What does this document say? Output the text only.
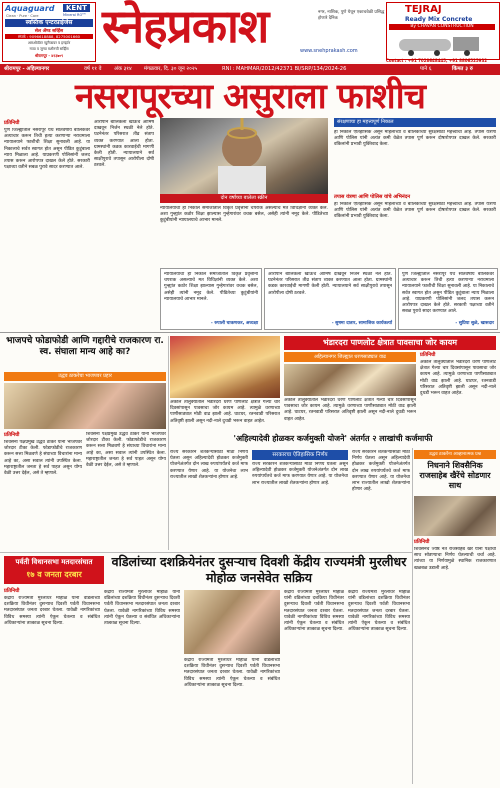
Aquaguard
Clean · Pure · Care
KENT
Mineral ROᵀᴹ
स्वस्तिक एन्टरप्राईजेस
सेल ॲण्ड सर्व्हिस
संपर्क : 9096618888, 8275001660
आरओवॉटर प्युरीफायर व इन्व्हर्टर
नव्या व जुन्या मशीनची सर्व्हिस
श्रीरामपूर - ४१३७०९
स्नेहप्रकाश	नगर, नाशिक, पुणे येथून एकाचवेळी प्रसिद्ध होणारे दैनिक
www.snehprakash.com
TEJRAJ
Ready Mix Concrete
By CHAVAN CONSTRUCTION
Contact : +91 7028648445, +91 8806525932
श्रीरामपूर - अहिल्यानगर	वर्ष ११ वे अंक ३१४ मंगळवार, दि. ३० जून २०२५	RNI : MAHMAR/2012/42371 BI/SRP/134/2024-26	पाने ६	किंमत ३ रु
नसरापूरच्या असुराला फाशीच
प्रतिनिधी
पुणे जिल्ह्यातील नसरापूर येथे सातवर्षीय बालिकेवर अत्याचार करून तिची हत्या करणाऱ्या नराधमाला न्यायालयाने फाशीची शिक्षा सुनावली आहे. या निकालाचे सर्वत्र स्वागत होत असून पीडित कुटुंबाला न्याय मिळाला आहे. याप्रकरणी पोलिसांनी जलद तपास करून आरोपपत्र दाखल केले होते. सरकारी पक्षाच्या वतीने सबळ पुरावे सादर करण्यात आले.
आरोपीने बालिकेला खाऊचे आमिष दाखवून निर्जन स्थळी नेले होते. घटनेनंतर परिसरात तीव्र संताप व्यक्त करण्यात आला होता. ग्रामस्थांनी कडक कारवाईची मागणी केली होती. न्यायालयाने सर्व साक्षीपुरावे तपासून आरोपीला दोषी ठरवले.
दोन वर्षांच्या बालेला स्क्रीन
न्यायालयाचा हा निकाल समाजातील विकृत प्रवृत्तींना चपराक असल्याचे मत विधिज्ञांनी व्यक्त केले. अशा गुन्ह्यांत कठोर शिक्षा झाल्यास गुन्हेगारांवर वचक बसेल, असेही त्यांनी नमूद केले. पीडितेच्या कुटुंबीयांनी न्यायालयाचे आभार मानले.
संरक्षणाचा हा महत्त्वपूर्ण निकाल
हा निकाल ऐतिहासिक असून महिलांच्या व बालिकांच्या सुरक्षेसाठी महत्त्वाचा आहे. तपास यंत्रणा आणि पोलिस यांनी अत्यंत कमी वेळेत तपास पूर्ण करून दोषारोपपत्र दाखल केले. सरकारी वकिलांनी प्रभावी युक्तिवाद केला.
तपास यंत्रणा आणि पोलिस यांचे अभिनंदन
हा निकाल ऐतिहासिक असून महिलांच्या व बालिकांच्या सुरक्षेसाठी महत्त्वाचा आहे. तपास यंत्रणा आणि पोलिस यांनी अत्यंत कमी वेळेत तपास पूर्ण करून दोषारोपपत्र दाखल केले. सरकारी वकिलांनी प्रभावी युक्तिवाद केला.
न्यायालयाचा हा निकाल समाजातील विकृत प्रवृत्तींना चपराक असल्याचे मत विधिज्ञांनी व्यक्त केले. अशा गुन्ह्यांत कठोर शिक्षा झाल्यास गुन्हेगारांवर वचक बसेल, असेही त्यांनी नमूद केले. पीडितेच्या कुटुंबीयांनी न्यायालयाचे आभार मानले.
- रुपाली चाकणकर, अध्यक्षा
आरोपीने बालिकेला खाऊचे आमिष दाखवून निर्जन स्थळी नेले होते. घटनेनंतर परिसरात तीव्र संताप व्यक्त करण्यात आला होता. ग्रामस्थांनी कडक कारवाईची मागणी केली होती. न्यायालयाने सर्व साक्षीपुरावे तपासून आरोपीला दोषी ठरवले.
- सुषमा दातार, सामाजिक कार्यकर्त्या
पुणे जिल्ह्यातील नसरापूर येथे सातवर्षीय बालिकेवर अत्याचार करून तिची हत्या करणाऱ्या नराधमाला न्यायालयाने फाशीची शिक्षा सुनावली आहे. या निकालाचे सर्वत्र स्वागत होत असून पीडित कुटुंबाला न्याय मिळाला आहे. याप्रकरणी पोलिसांनी जलद तपास करून आरोपपत्र दाखल केले होते. सरकारी पक्षाच्या वतीने सबळ पुरावे सादर करण्यात आले.
- सुप्रिया सुळे, खासदार
भाजपचे फोडाफोडी आणि गद्दारीचे राजकारण रा. स्व. संघाला मान्य आहे का?
उद्धव ठाकरेंचा भाजपवर प्रहार
प्रतिनिधी
शिवसेना पक्षप्रमुख उद्धव ठाकरे यांनी भाजपवर जोरदार टीका केली. फोडाफोडीचे राजकारण करून सत्ता मिळवणे हे संघाच्या विचारांना मान्य आहे का, असा सवाल त्यांनी उपस्थित केला. महाराष्ट्रातील जनता हे सर्व पाहत असून योग्य वेळी उत्तर देईल, असे ते म्हणाले.
शिवसेना पक्षप्रमुख उद्धव ठाकरे यांनी भाजपवर जोरदार टीका केली. फोडाफोडीचे राजकारण करून सत्ता मिळवणे हे संघाच्या विचारांना मान्य आहे का, असा सवाल त्यांनी उपस्थित केला. महाराष्ट्रातील जनता हे सर्व पाहत असून योग्य वेळी उत्तर देईल, असे ते म्हणाले.
अकोले तालुक्यातील भंडारदरा धरण पाणलोट क्षेत्रात गेल्या चार दिवसांपासून पावसाचा जोर कायम आहे. त्यामुळे धरणाच्या पाणीसाठ्यात मोठी वाढ झाली आहे. घाटघर, रतनवाडी परिसरात अतिवृष्टी झाली असून नदी-नाले दुथडी भरून वाहत आहेत.
भंडारदरा पाणलोट क्षेत्रात पावसाचा जोर कायम
अहिल्यानगर जिल्ह्यात धरणसाठ्यात वाढ
अकोले तालुक्यातील भंडारदरा धरण पाणलोट क्षेत्रात गेल्या चार दिवसांपासून पावसाचा जोर कायम आहे. त्यामुळे धरणाच्या पाणीसाठ्यात मोठी वाढ झाली आहे. घाटघर, रतनवाडी परिसरात अतिवृष्टी झाली असून नदी-नाले दुथडी भरून वाहत आहेत.
प्रतिनिधी
अकोले तालुक्यातील भंडारदरा धरण पाणलोट क्षेत्रात गेल्या चार दिवसांपासून पावसाचा जोर कायम आहे. त्यामुळे धरणाच्या पाणीसाठ्यात मोठी वाढ झाली आहे. घाटघर, रतनवाडी परिसरात अतिवृष्टी झाली असून नदी-नाले दुथडी भरून वाहत आहेत.
'अहिल्यादेवी होळकर कर्जमुक्ती योजने' अंतर्गत २ लाखांची कर्जमाफी
राज्य सरकारने शेतकऱ्यांसाठी मोठा निर्णय घेतला असून अहिल्यादेवी होळकर कर्जमुक्ती योजनेअंतर्गत दोन लाख रुपयांपर्यंतचे कर्ज माफ करण्यात येणार आहे. या योजनेचा लाभ राज्यातील लाखो शेतकऱ्यांना होणार आहे.
सरकारचा ऐतिहासिक निर्णय
राज्य सरकारने शेतकऱ्यांसाठी मोठा निर्णय घेतला असून अहिल्यादेवी होळकर कर्जमुक्ती योजनेअंतर्गत दोन लाख रुपयांपर्यंतचे कर्ज माफ करण्यात येणार आहे. या योजनेचा लाभ राज्यातील लाखो शेतकऱ्यांना होणार आहे.
राज्य सरकारने शेतकऱ्यांसाठी मोठा निर्णय घेतला असून अहिल्यादेवी होळकर कर्जमुक्ती योजनेअंतर्गत दोन लाख रुपयांपर्यंतचे कर्ज माफ करण्यात येणार आहे. या योजनेचा लाभ राज्यातील लाखो शेतकऱ्यांना होणार आहे.
उद्धव ठाकरेंना आव्हानात्मक प्रश्न
निधनाने शिवसैनिक राजसाहेब खैरेंचे सोडणार साथ
प्रतिनिधी
शिवसेनेचे ज्येष्ठ नेते राजसाहेब खैरे यांनी पक्षाची साथ सोडण्याचा निर्णय घेतल्याची चर्चा आहे. त्यांच्या या निर्णयामुळे स्थानिक राजकारणात खळबळ उडाली आहे.
पर्वती विधानसभा मतदारसंघात
१७ व जनता दरबार
वडिलांच्या दशक्रियेनंतर दुसऱ्याच दिवशी केंद्रीय राज्यमंत्री मुरलीधर मोहोळ जनसेवेत सक्रिय
प्रतिनिधी
केंद्रीय राज्यमंत्री मुरलीधर मोहोळ यांनी वडिलांच्या दशक्रिया विधीनंतर दुसऱ्याच दिवशी पर्वती विधानसभा मतदारसंघात जनता दरबार घेतला. यावेळी नागरिकांच्या विविध समस्या त्यांनी ऐकून घेतल्या व संबंधित अधिकाऱ्यांना तात्काळ सूचना दिल्या.
केंद्रीय राज्यमंत्री मुरलीधर मोहोळ यांनी वडिलांच्या दशक्रिया विधीनंतर दुसऱ्याच दिवशी पर्वती विधानसभा मतदारसंघात जनता दरबार घेतला. यावेळी नागरिकांच्या विविध समस्या त्यांनी ऐकून घेतल्या व संबंधित अधिकाऱ्यांना तात्काळ सूचना दिल्या.
केंद्रीय राज्यमंत्री मुरलीधर मोहोळ यांनी वडिलांच्या दशक्रिया विधीनंतर दुसऱ्याच दिवशी पर्वती विधानसभा मतदारसंघात जनता दरबार घेतला. यावेळी नागरिकांच्या विविध समस्या त्यांनी ऐकून घेतल्या व संबंधित अधिकाऱ्यांना तात्काळ सूचना दिल्या.
केंद्रीय राज्यमंत्री मुरलीधर मोहोळ यांनी वडिलांच्या दशक्रिया विधीनंतर दुसऱ्याच दिवशी पर्वती विधानसभा मतदारसंघात जनता दरबार घेतला. यावेळी नागरिकांच्या विविध समस्या त्यांनी ऐकून घेतल्या व संबंधित अधिकाऱ्यांना तात्काळ सूचना दिल्या.
केंद्रीय राज्यमंत्री मुरलीधर मोहोळ यांनी वडिलांच्या दशक्रिया विधीनंतर दुसऱ्याच दिवशी पर्वती विधानसभा मतदारसंघात जनता दरबार घेतला. यावेळी नागरिकांच्या विविध समस्या त्यांनी ऐकून घेतल्या व संबंधित अधिकाऱ्यांना तात्काळ सूचना दिल्या.
